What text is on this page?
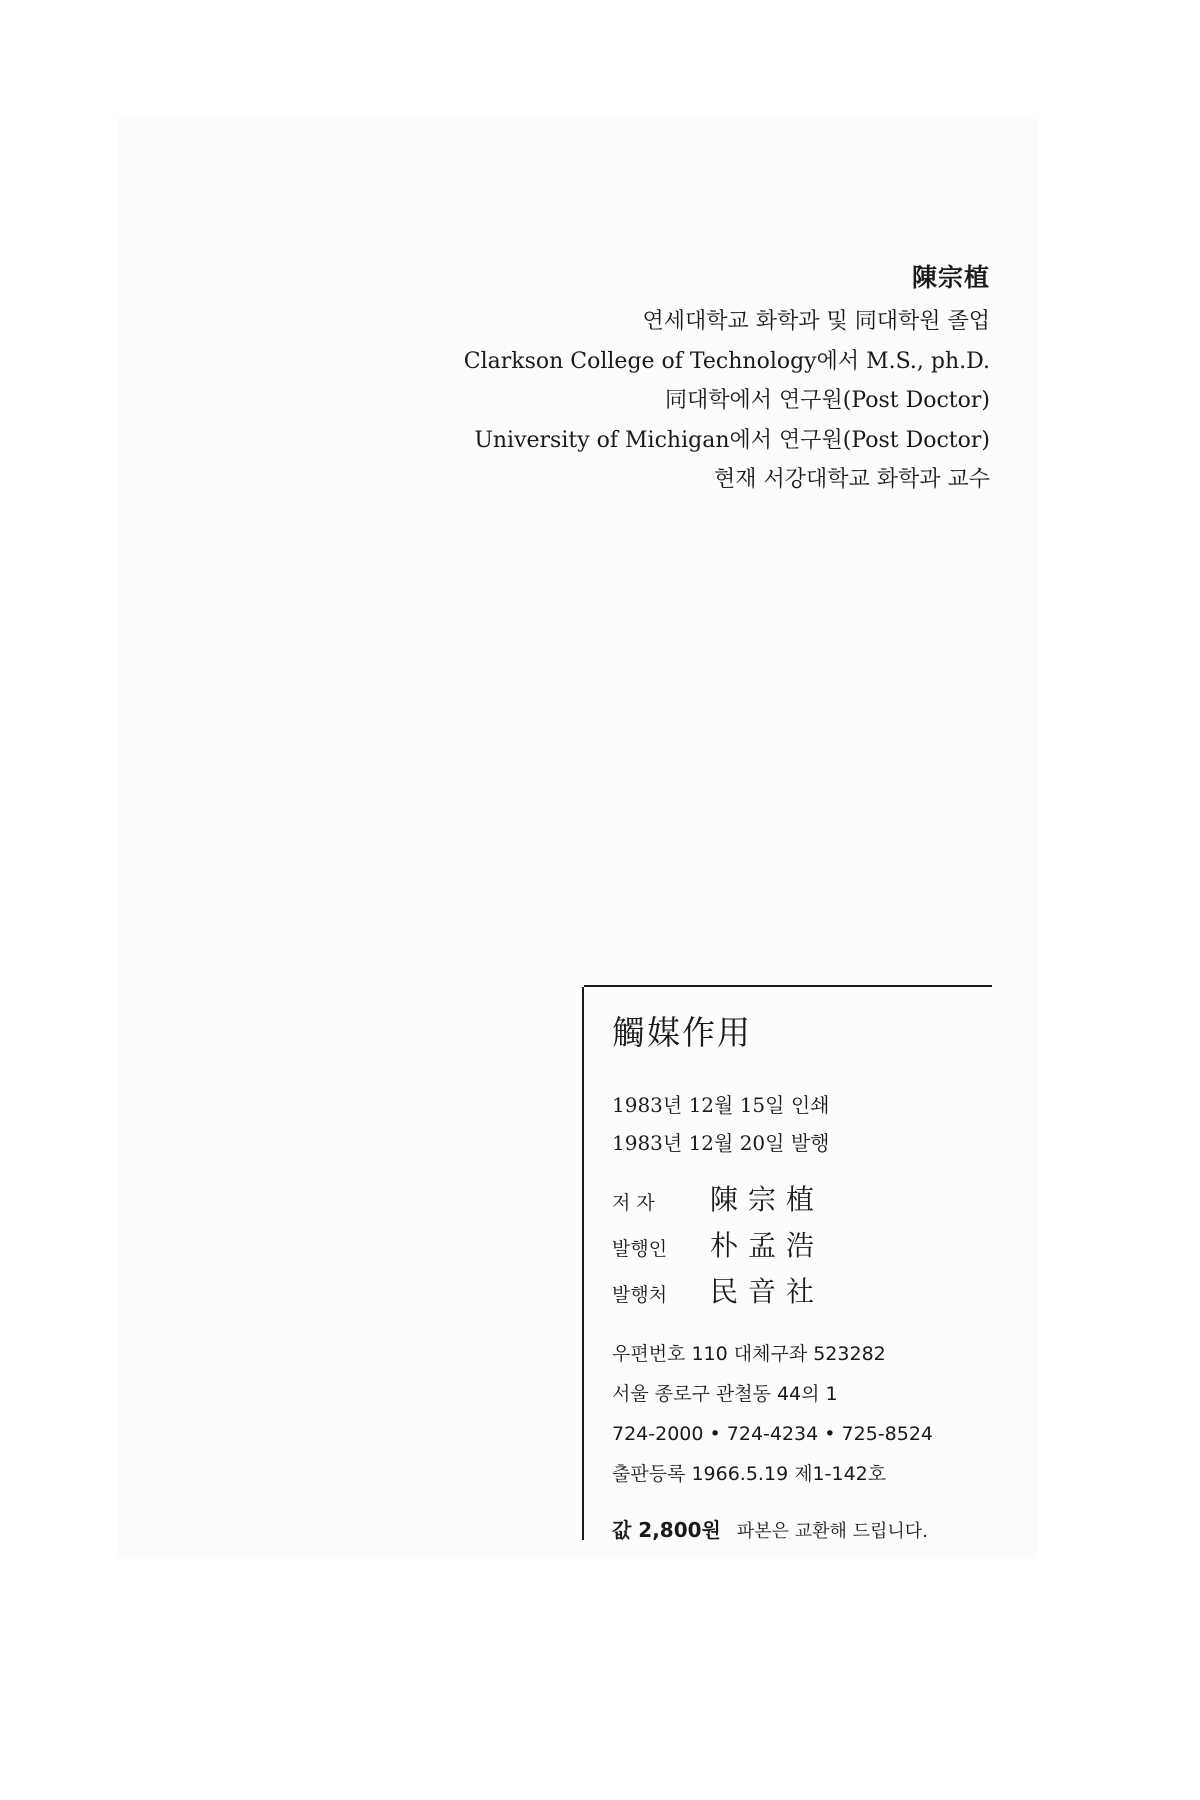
陳宗植

연세대학교 화학과 및 同대학원 졸업

Clarkson College of Technology에서 M.S., ph.D.

同대학에서 연구원(Post Doctor)

University of Michigan에서 연구원(Post Doctor)

현재 서강대학교 화학과 교수

觸媒作用

1983년 12월 15일 인쇄

1983년 12월 20일 발행

저 자	陳宗植
발행인	朴孟浩
발행처	民音社

우편번호 110 대체구좌 523282

서울 종로구 관철동 44의 1

724-2000 • 724-4234 • 725-8524

출판등록 1966.5.19 제1-142호

값 2,800원 파본은 교환해 드립니다.
